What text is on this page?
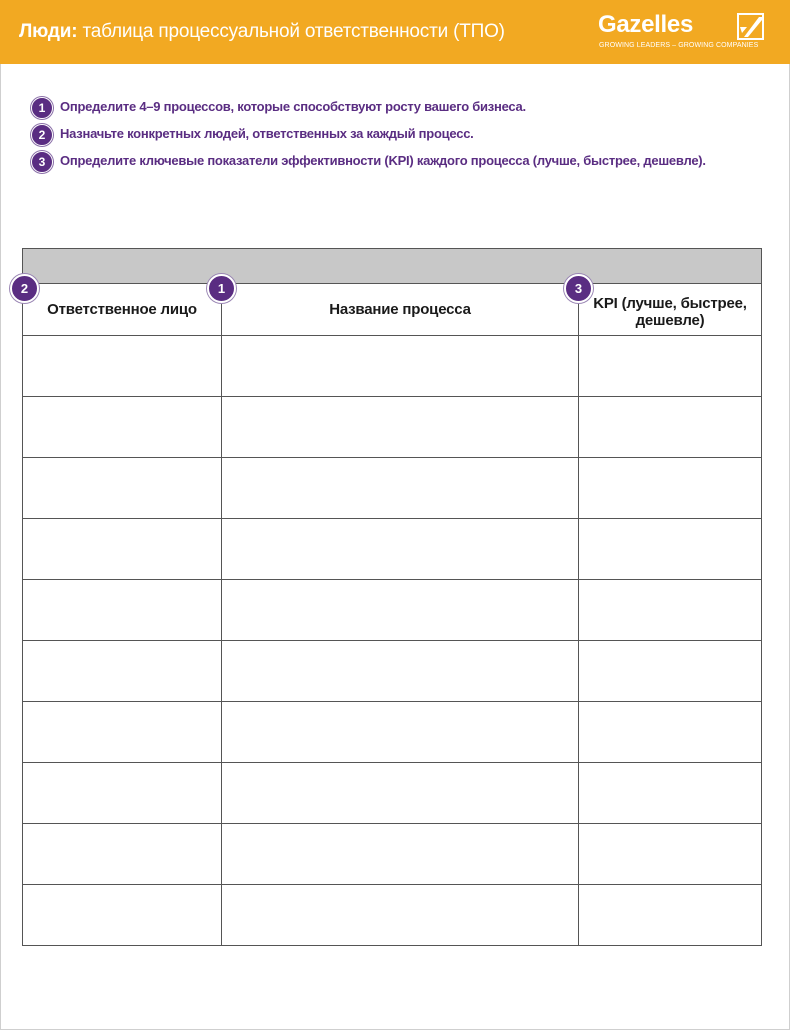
Люди: таблица процессуальной ответственности (ТПО)	Gazelles
GROWING LEADERS – GROWING COMPANIES
1	Определите 4–9 процессов, которые способствуют росту вашего бизнеса.
2	Назначьте конкретных людей, ответственных за каждый процесс.
3	Определите ключевые показатели эффективности (KPI) каждого процесса (лучше, быстрее, дешевле).
Ответственное лицо	Название процесса	KPI (лучше, быстрее, дешевле)

2	1	3
